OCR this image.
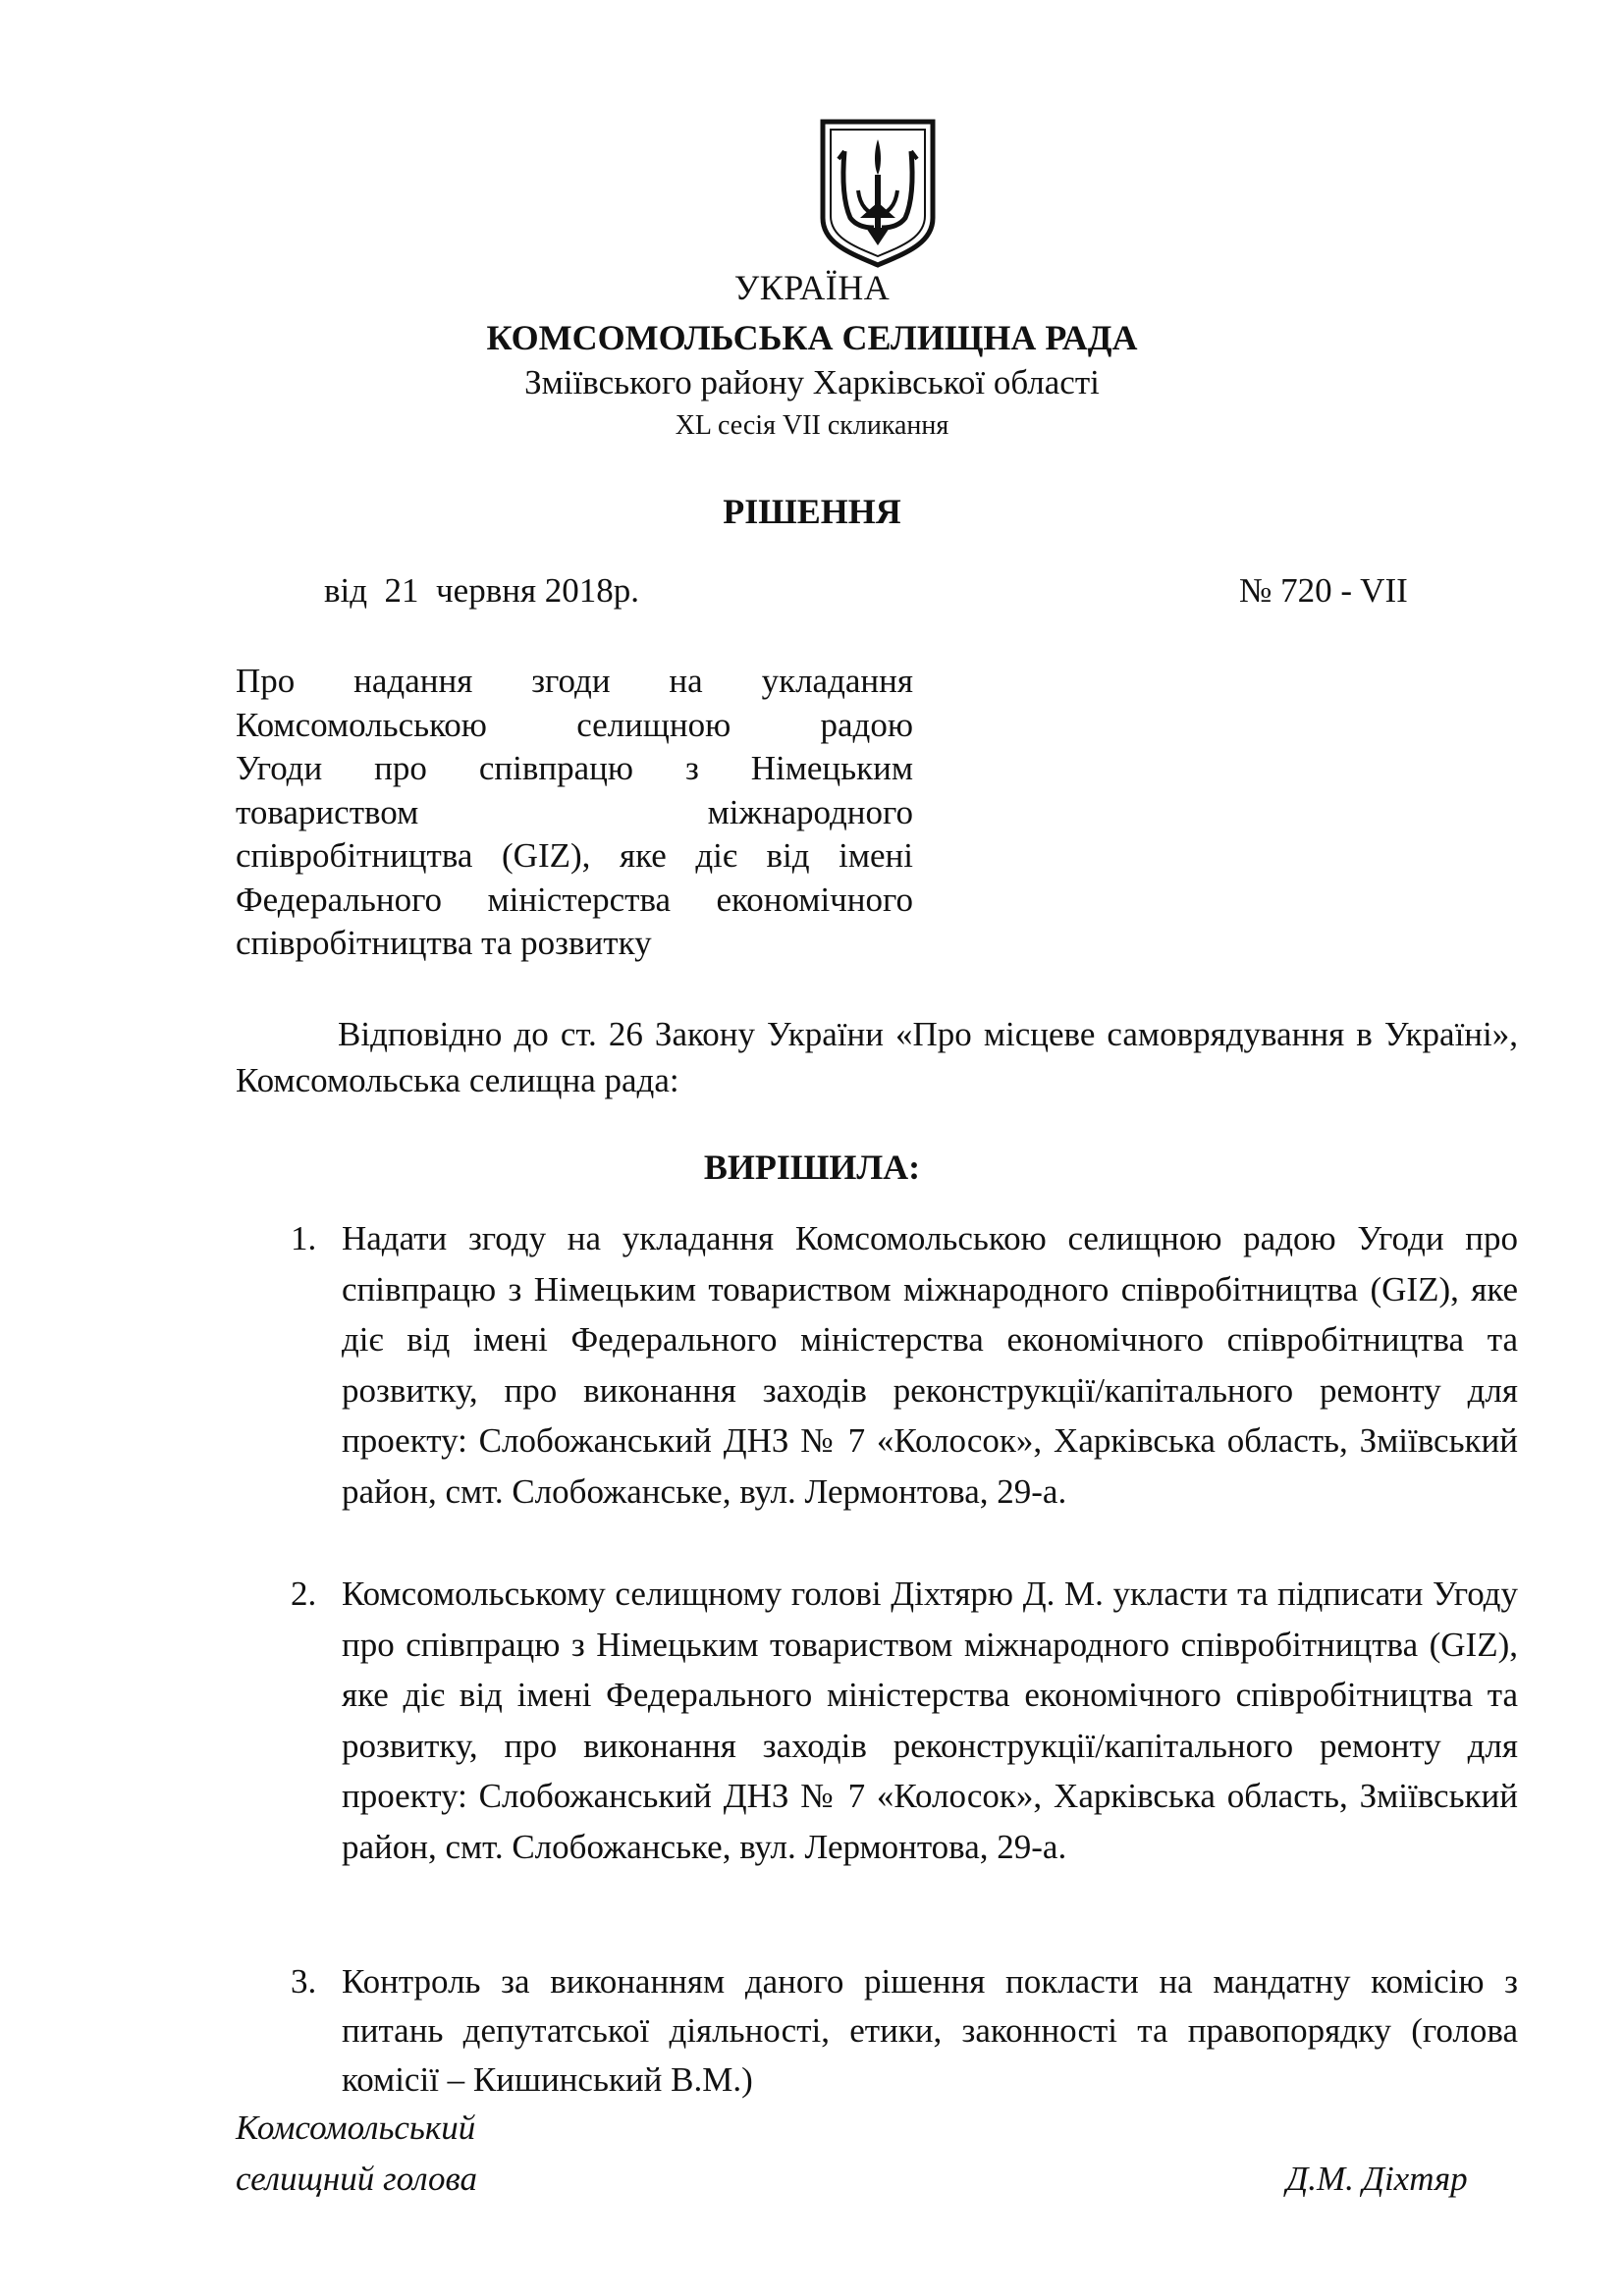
УКРАЇНА
КОМСОМОЛЬСЬКА СЕЛИЩНА РАДА
Зміївського району Харківської області
XL сесія VII скликання
РІШЕННЯ
від  21  червня 2018р.	№ 720 - VII
Про надання згоди на укладання
Комсомольською селищною радою
Угоди про співпрацю з Німецьким
товариством міжнародного
співробітництва (GIZ), яке діє від імені
Федерального міністерства економічного
співробітництва та розвитку
Відповідно до ст. 26 Закону України «Про місцеве самоврядування в Україні», Комсомольська селищна рада:
ВИРІШИЛА:
1. Надати згоду на укладання Комсомольською селищною радою Угоди про співпрацю з Німецьким товариством міжнародного співробітництва (GIZ), яке діє від імені Федерального міністерства економічного співробітництва та розвитку, про виконання заходів реконструкції/капітального ремонту для проекту: Слобожанський ДНЗ № 7 «Колосок», Харківська область, Зміївський район, смт. Слобожанське, вул. Лермонтова, 29-а.
2. Комсомольському селищному голові Діхтярю Д. М. укласти та підписати Угоду про співпрацю з Німецьким товариством міжнародного співробітництва (GIZ), яке діє від імені Федерального міністерства економічного співробітництва та розвитку, про виконання заходів реконструкції/капітального ремонту для проекту: Слобожанський ДНЗ № 7 «Колосок», Харківська область, Зміївський район, смт. Слобожанське, вул. Лермонтова, 29-а.
3. Контроль за виконанням даного рішення покласти на мандатну комісію з питань депутатської діяльності, етики, законності та правопорядку (голова комісії – Кишинський В.М.)
Комсомольський
селищний голова	Д.М. Діхтяр
